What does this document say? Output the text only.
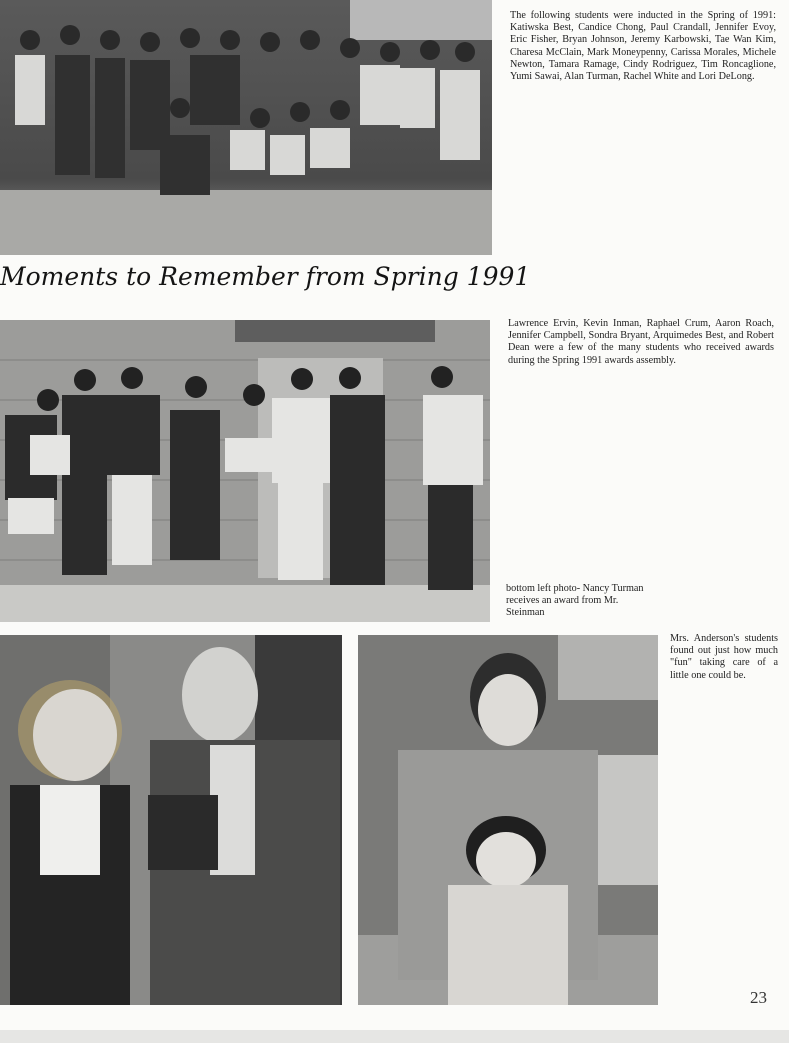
The following students were inducted in the Spring of 1991: Katiwska Best, Candice Chong, Paul Crandall, Jennifer Evoy, Eric Fisher, Bryan Johnson, Jeremy Karbowski, Tae Wan Kim, Charesa McClain, Mark Moneypenny, Carissa Morales, Michele Newton, Tamara Ramage, Cindy Rodriguez, Tim Roncaglione, Yumi Sawai, Alan Turman, Rachel White and Lori DeLong.
Moments to Remember from Spring 1991
Lawrence Ervin, Kevin Inman, Raphael Crum, Aaron Roach, Jennifer Campbell, Sondra Bryant, Arquimedes Best, and Robert Dean were a few of the many students who received awards during the Spring 1991 awards assembly.
bottom left photo- Nancy Turman receives an award from Mr. Steinman
Mrs. Anderson's students found out just how much "fun" taking care of a little one could be.
23
